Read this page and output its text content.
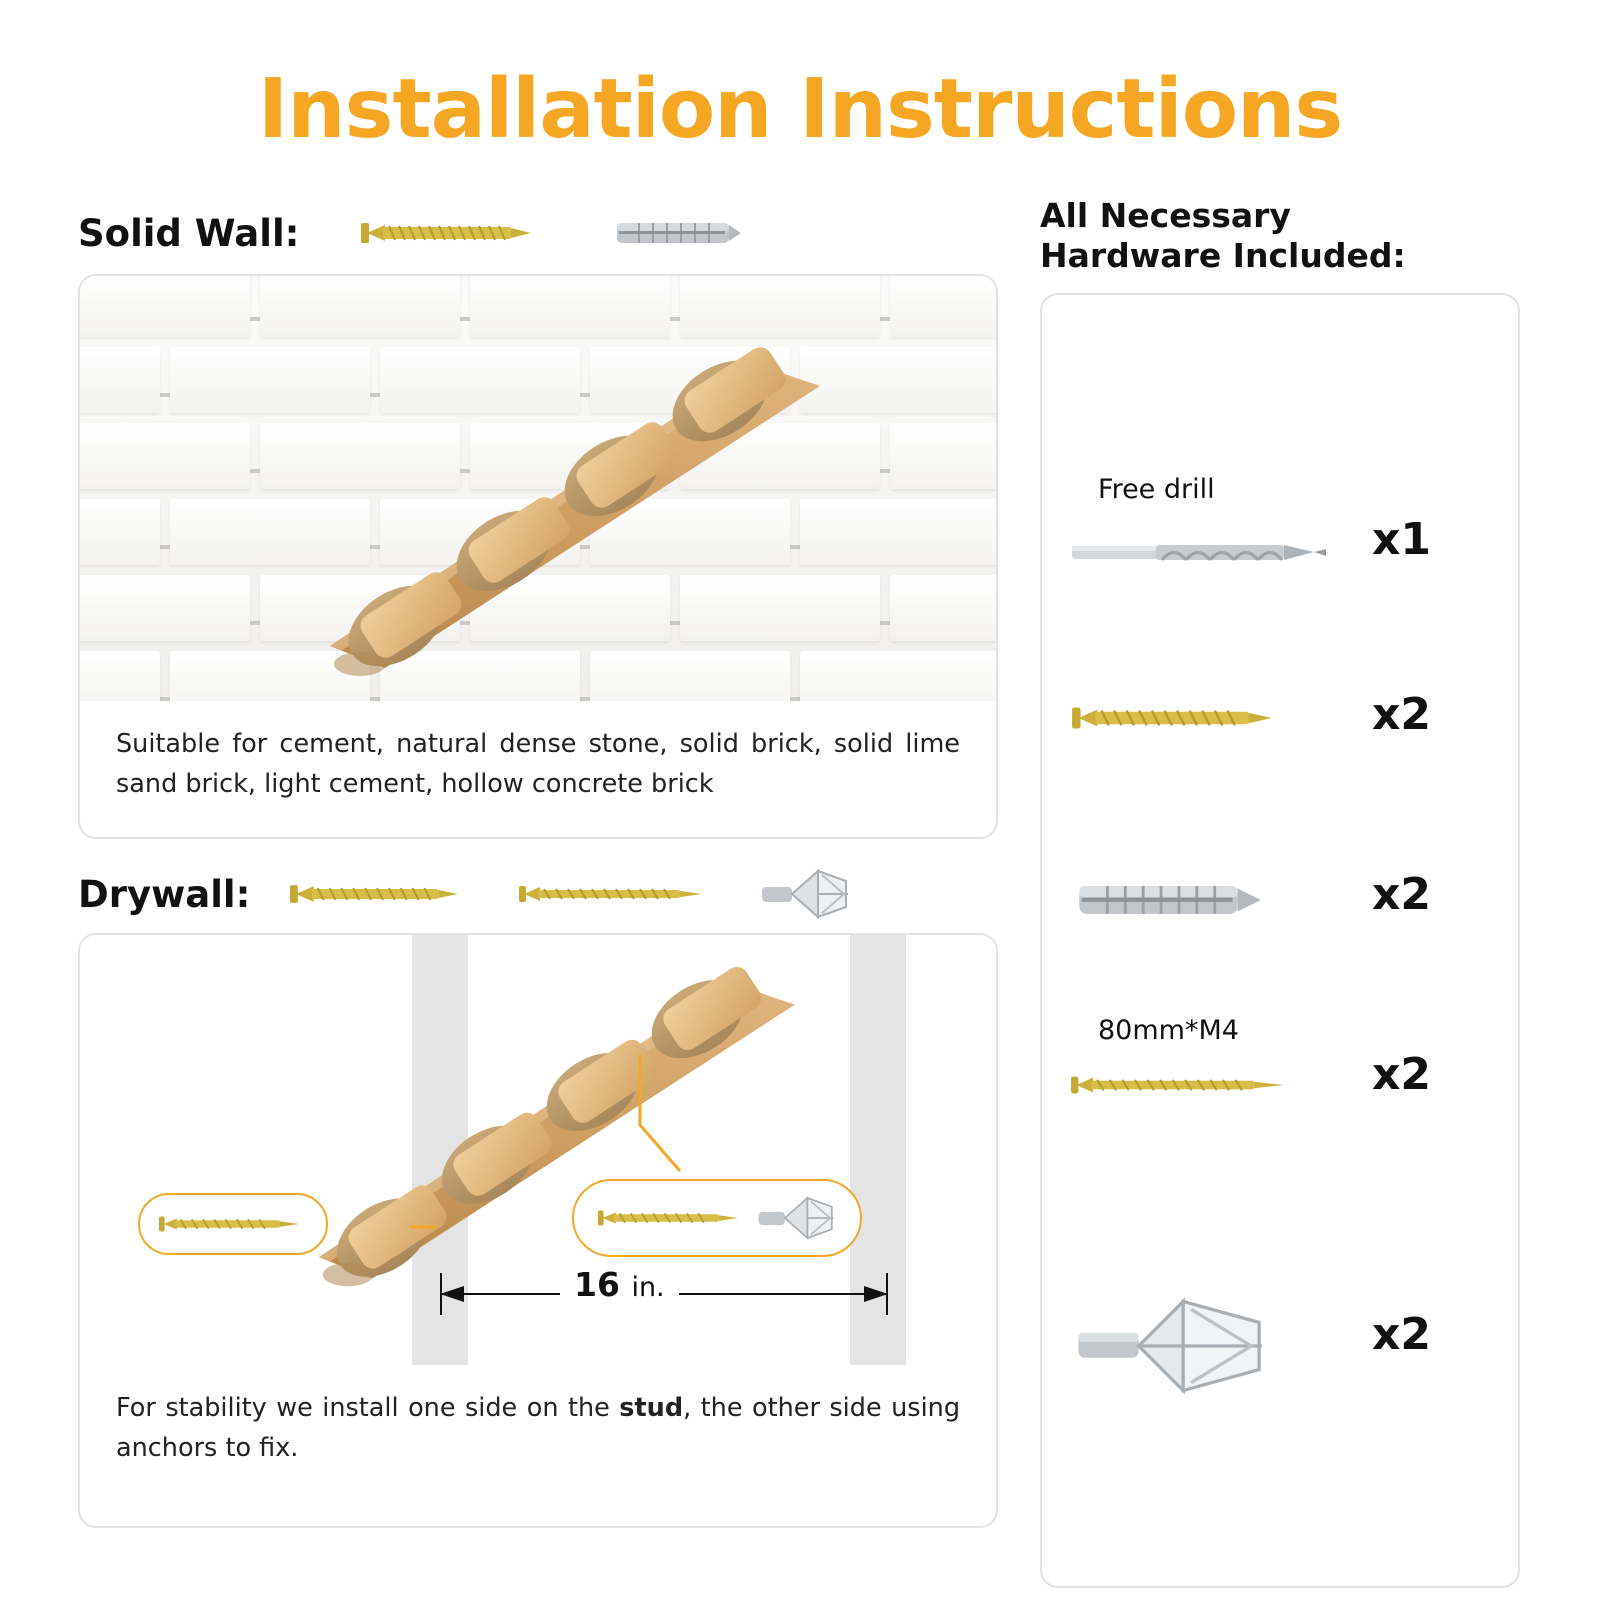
Installation Instructions
Solid Wall:
Suitable for cement, natural dense stone, solid brick, solid lime sand brick, light cement, hollow concrete brick
Drywall:
16 in.
For stability we install one side on the stud, the other side using anchors to fix.
All Necessary
Hardware Included:
Free drill
x1
x2
x2
80mm*M4
x2
x2
